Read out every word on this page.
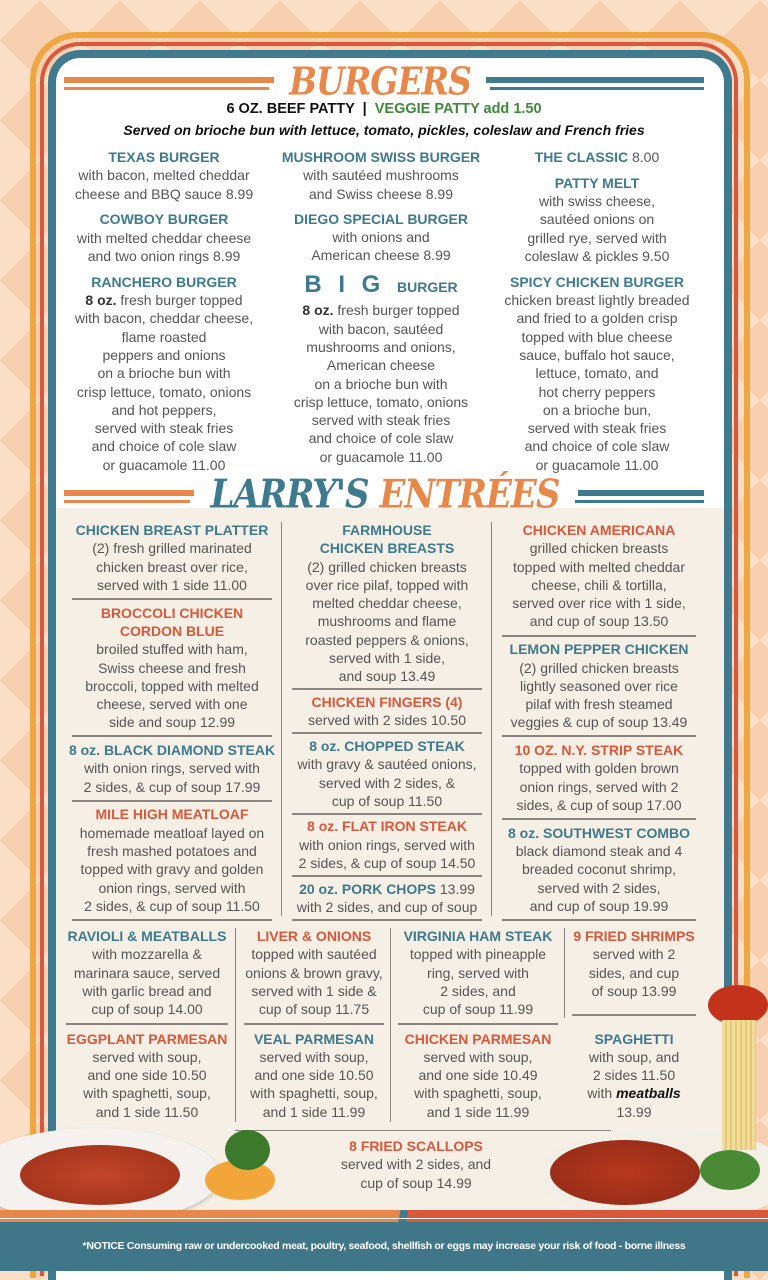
BURGERS
6 OZ. BEEF PATTY  |  VEGGIE PATTY add 1.50
Served on brioche bun with lettuce, tomato, pickles, coleslaw and French fries
TEXAS BURGER
with bacon, melted cheddar
cheese and BBQ sauce 8.99
COWBOY BURGER
with melted cheddar cheese
and two onion rings 8.99
RANCHERO BURGER
8 oz. fresh burger topped
with bacon, cheddar cheese,
flame roasted
peppers and onions
on a brioche bun with
crisp lettuce, tomato, onions
and hot peppers,
served with steak fries
and choice of cole slaw
or guacamole 11.00
MUSHROOM SWISS BURGER
with sautéed mushrooms
and Swiss cheese 8.99
DIEGO SPECIAL BURGER
with onions and
American cheese 8.99
B I G BURGER
8 oz. fresh burger topped
with bacon, sautéed
mushrooms and onions,
American cheese
on a brioche bun with
crisp lettuce, tomato, onions
served with steak fries
and choice of cole slaw
or guacamole 11.00
THE CLASSIC 8.00
PATTY MELT
with swiss cheese,
sautéed onions on
grilled rye, served with
coleslaw & pickles 9.50
SPICY CHICKEN BURGER
chicken breast lightly breaded
and fried to a golden crisp
topped with blue cheese
sauce, buffalo hot sauce,
lettuce, tomato, and
hot cherry peppers
on a brioche bun,
served with steak fries
and choice of cole slaw
or guacamole 11.00
LARRY'S ENTRÉES
CHICKEN BREAST PLATTER
(2) fresh grilled marinated
chicken breast over rice,
served with 1 side 11.00
BROCCOLI CHICKEN
CORDON BLUE
broiled stuffed with ham,
Swiss cheese and fresh
broccoli, topped with melted
cheese, served with one
side and soup 12.99
8 oz. BLACK DIAMOND STEAK
with onion rings, served with
2 sides, & cup of soup 17.99
MILE HIGH MEATLOAF
homemade meatloaf layed on
fresh mashed potatoes and
topped with gravy and golden
onion rings, served with
2 sides, & cup of soup 11.50
FARMHOUSE
CHICKEN BREASTS
(2) grilled chicken breasts
over rice pilaf, topped with
melted cheddar cheese,
mushrooms and flame
roasted peppers & onions,
served with 1 side,
and soup 13.49
CHICKEN FINGERS (4)
served with 2 sides 10.50
8 oz. CHOPPED STEAK
with gravy & sautéed onions,
served with 2 sides, &
cup of soup 11.50
8 oz. FLAT IRON STEAK
with onion rings, served with
2 sides, & cup of soup 14.50
20 oz. PORK CHOPS 13.99
with 2 sides, and cup of soup
CHICKEN AMERICANA
grilled chicken breasts
topped with melted cheddar
cheese, chili & tortilla,
served over rice with 1 side,
and cup of soup 13.50
LEMON PEPPER CHICKEN
(2) grilled chicken breasts
lightly seasoned over rice
pilaf with fresh steamed
veggies & cup of soup 13.49
10 OZ. N.Y. STRIP STEAK
topped with golden brown
onion rings, served with 2
sides, & cup of soup 17.00
8 oz. SOUTHWEST COMBO
black diamond steak and 4
breaded coconut shrimp,
served with 2 sides,
and cup of soup 19.99
RAVIOLI & MEATBALLS
with mozzarella &
marinara sauce, served
with garlic bread and
cup of soup 14.00
EGGPLANT PARMESAN
served with soup,
and one side 10.50
with spaghetti, soup,
and 1 side 11.50
LIVER & ONIONS
topped with sautéed
onions & brown gravy,
served with 1 side &
cup of soup 11.75
VEAL PARMESAN
served with soup,
and one side 10.50
with spaghetti, soup,
and 1 side 11.99
VIRGINIA HAM STEAK
topped with pineapple
ring, served with
2 sides, and
cup of soup 11.99
CHICKEN PARMESAN
served with soup,
and one side 10.49
with spaghetti, soup,
and 1 side 11.99
9 FRIED SHRIMPS
served with 2
sides, and cup
of soup 13.99
SPAGHETTI
with soup, and
2 sides 11.50
with meatballs
13.99
8 FRIED SCALLOPS
served with 2 sides, and
cup of soup 14.99
*NOTICE Consuming raw or undercooked meat, poultry, seafood, shellfish or eggs may increase your risk of food - borne illness
